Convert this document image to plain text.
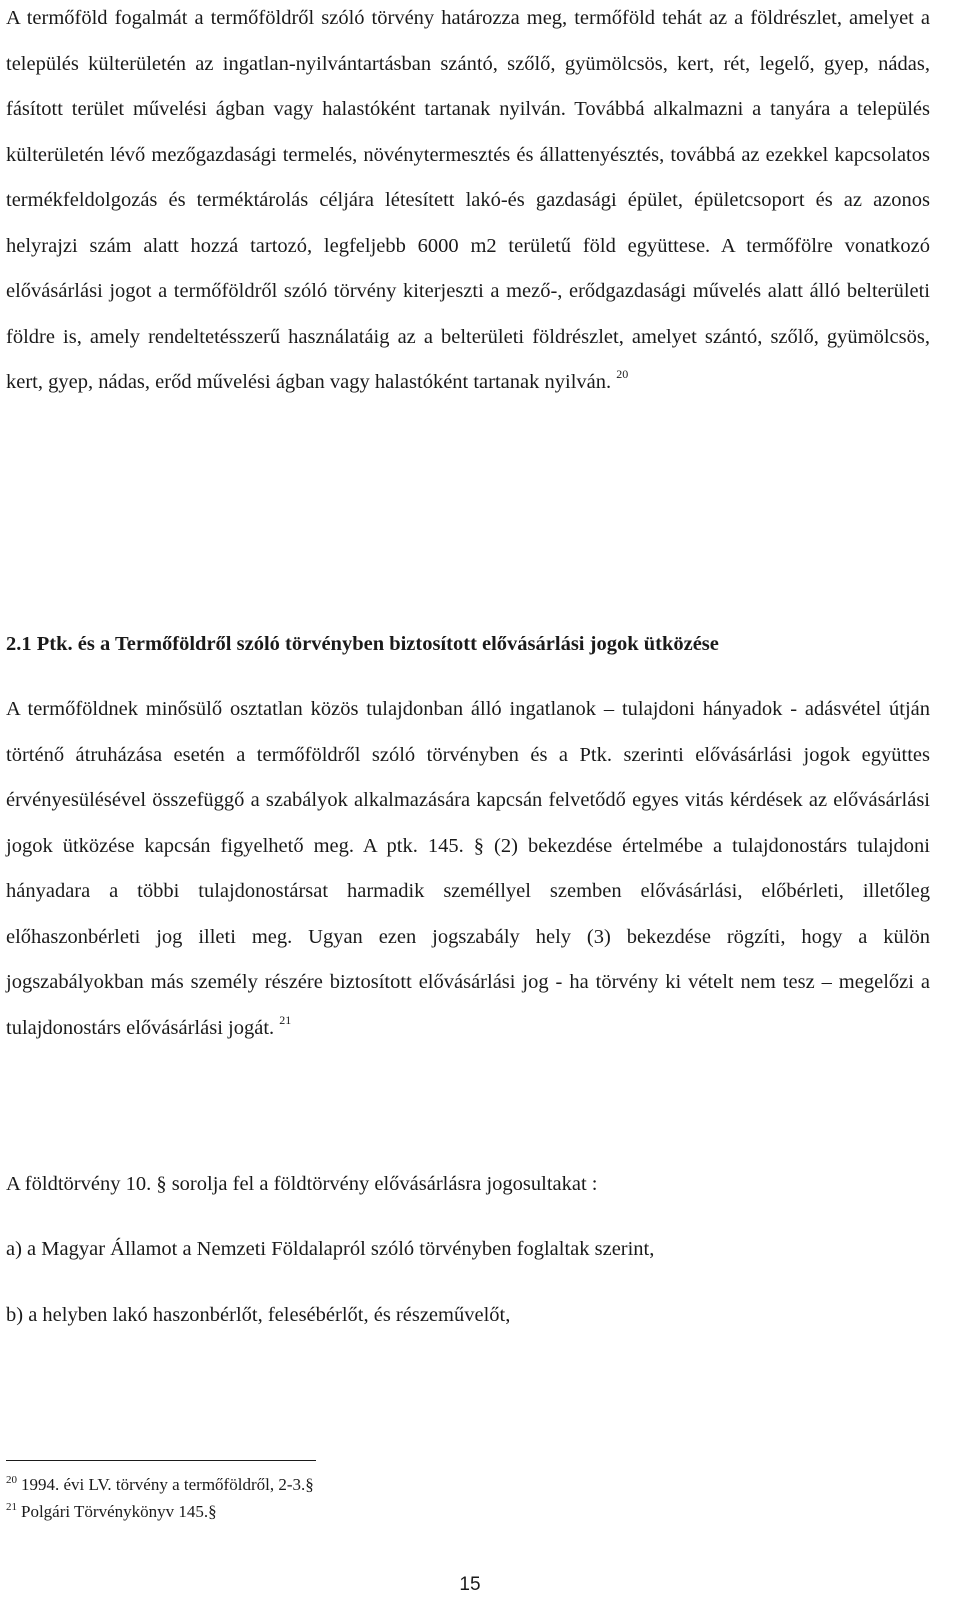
A termőföld fogalmát a termőföldről szóló törvény határozza meg, termőföld tehát az a földrészlet, amelyet a település külterületén az ingatlan-nyilvántartásban szántó, szőlő, gyümölcsös, kert, rét, legelő, gyep, nádas, fásított terület művelési ágban vagy halastóként tartanak nyilván. Továbbá alkalmazni a tanyára a település külterületén lévő mezőgazdasági termelés, növénytermesztés és állattenyésztés, továbbá az ezekkel kapcsolatos termékfeldolgozás és terméktárolás céljára létesített lakó-és gazdasági épület, épületcsoport és az azonos helyrajzi szám alatt hozzá tartozó, legfeljebb 6000 m2 területű föld együttese. A termőfölre vonatkozó elővásárlási jogot a termőföldről szóló törvény kiterjeszti a mező-, erődgazdasági művelés alatt álló belterületi földre is, amely rendeltetésszerű használatáig az a belterületi földrészlet, amelyet szántó, szőlő, gyümölcsös, kert, gyep, nádas, erőd művelési ágban vagy halastóként tartanak nyilván. $^{20}$

2.1 Ptk. és a Termőföldről szóló törvényben biztosított elővásárlási jogok ütközése

A termőföldnek minősülő osztatlan közös tulajdonban álló ingatlanok – tulajdoni hányadok - adásvétel útján történő átruházása esetén a termőföldről szóló törvényben és a Ptk. szerinti elővásárlási jogok együttes érvényesülésével összefüggő a szabályok alkalmazására kapcsán felvetődő egyes vitás kérdések az elővásárlási jogok ütközése kapcsán figyelhető meg. A ptk. 145. § (2) bekezdése értelmébe a tulajdonostárs tulajdoni hányadara a többi tulajdonostársat harmadik személlyel szemben elővásárlási, előbérleti, illetőleg előhaszonbérleti jog illeti meg. Ugyan ezen jogszabály hely (3) bekezdése rögzíti, hogy a külön jogszabályokban más személy részére biztosított elővásárlási jog - ha törvény ki vételt nem tesz – megelőzi a tulajdonostárs elővásárlási jogát. $^{21}$

A földtörvény 10. § sorolja fel a földtörvény elővásárlásra jogosultakat :

a) a Magyar Államot a Nemzeti Földalapról szóló törvényben foglaltak szerint,

b) a helyben lakó haszonbérlőt, feleséb​érlőt, és részeművelőt,

$^{20}$ 1994. évi LV. törvény a termőföldről, 2-3.§

$^{21}$ Polgári Törvénykönyv 145.§

15
